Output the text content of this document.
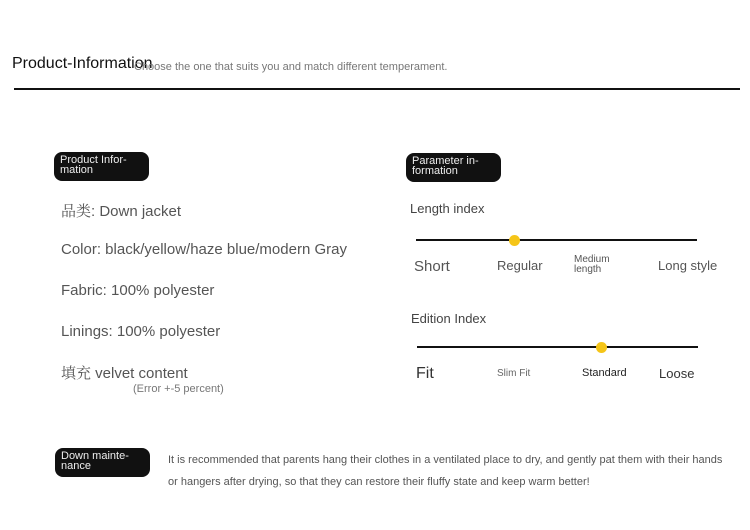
Product-Information
Choose the one that suits you and match different temperament.
Product Infor-mation
品类: Down jacket
Color: black/yellow/haze blue/modern Gray
Fabric: 100% polyester
Linings: 100% polyester
填充 velvet content
(Error +-5 percent)
Parameter in-formation
Length index
Short	Regular	Medium length	Long style
Edition Index
Fit	Slim Fit	Standard Loose
Down mainte-nance	It is recommended that parents hang their clothes in a ventilated place to dry, and gently pat them with their hands or hangers after drying, so that they can restore their fluffy state and keep warm better!
